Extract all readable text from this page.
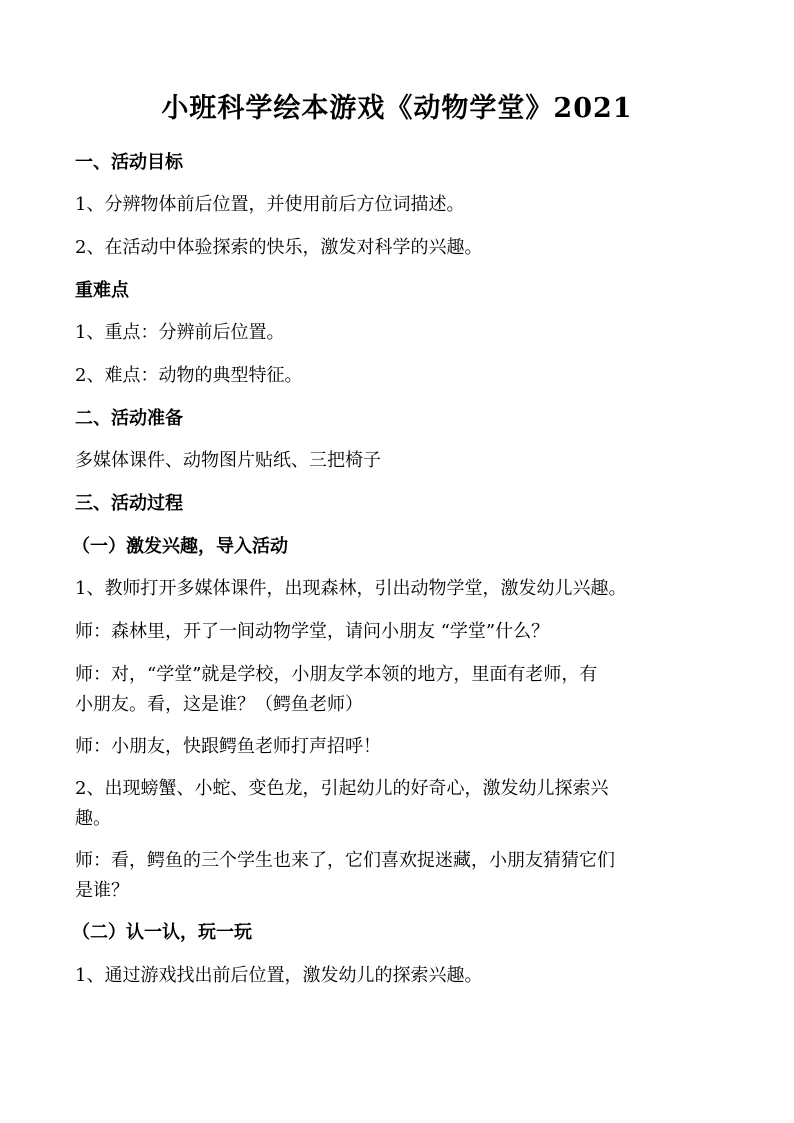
小班科学绘本游戏《动物学堂》2021
一、活动目标
1、分辨物体前后位置，并使用前后方位词描述。
2、在活动中体验探索的快乐，激发对科学的兴趣。
重难点
1、重点：分辨前后位置。
2、难点：动物的典型特征。
二、活动准备
多媒体课件、动物图片贴纸、三把椅子
三、活动过程
（一）激发兴趣，导入活动
1、教师打开多媒体课件，出现森林，引出动物学堂，激发幼儿兴趣。
师：森林里，开了一间动物学堂，请问小朋友 “学堂”什么？
师：对，“学堂”就是学校，小朋友学本领的地方，里面有老师，有
小朋友。看，这是谁？（鳄鱼老师）
师：小朋友，快跟鳄鱼老师打声招呼！
2、出现螃蟹、小蛇、变色龙，引起幼儿的好奇心，激发幼儿探索兴
趣。
师：看，鳄鱼的三个学生也来了，它们喜欢捉迷藏，小朋友猜猜它们
是谁？
（二）认一认，玩一玩
1、通过游戏找出前后位置，激发幼儿的探索兴趣。
